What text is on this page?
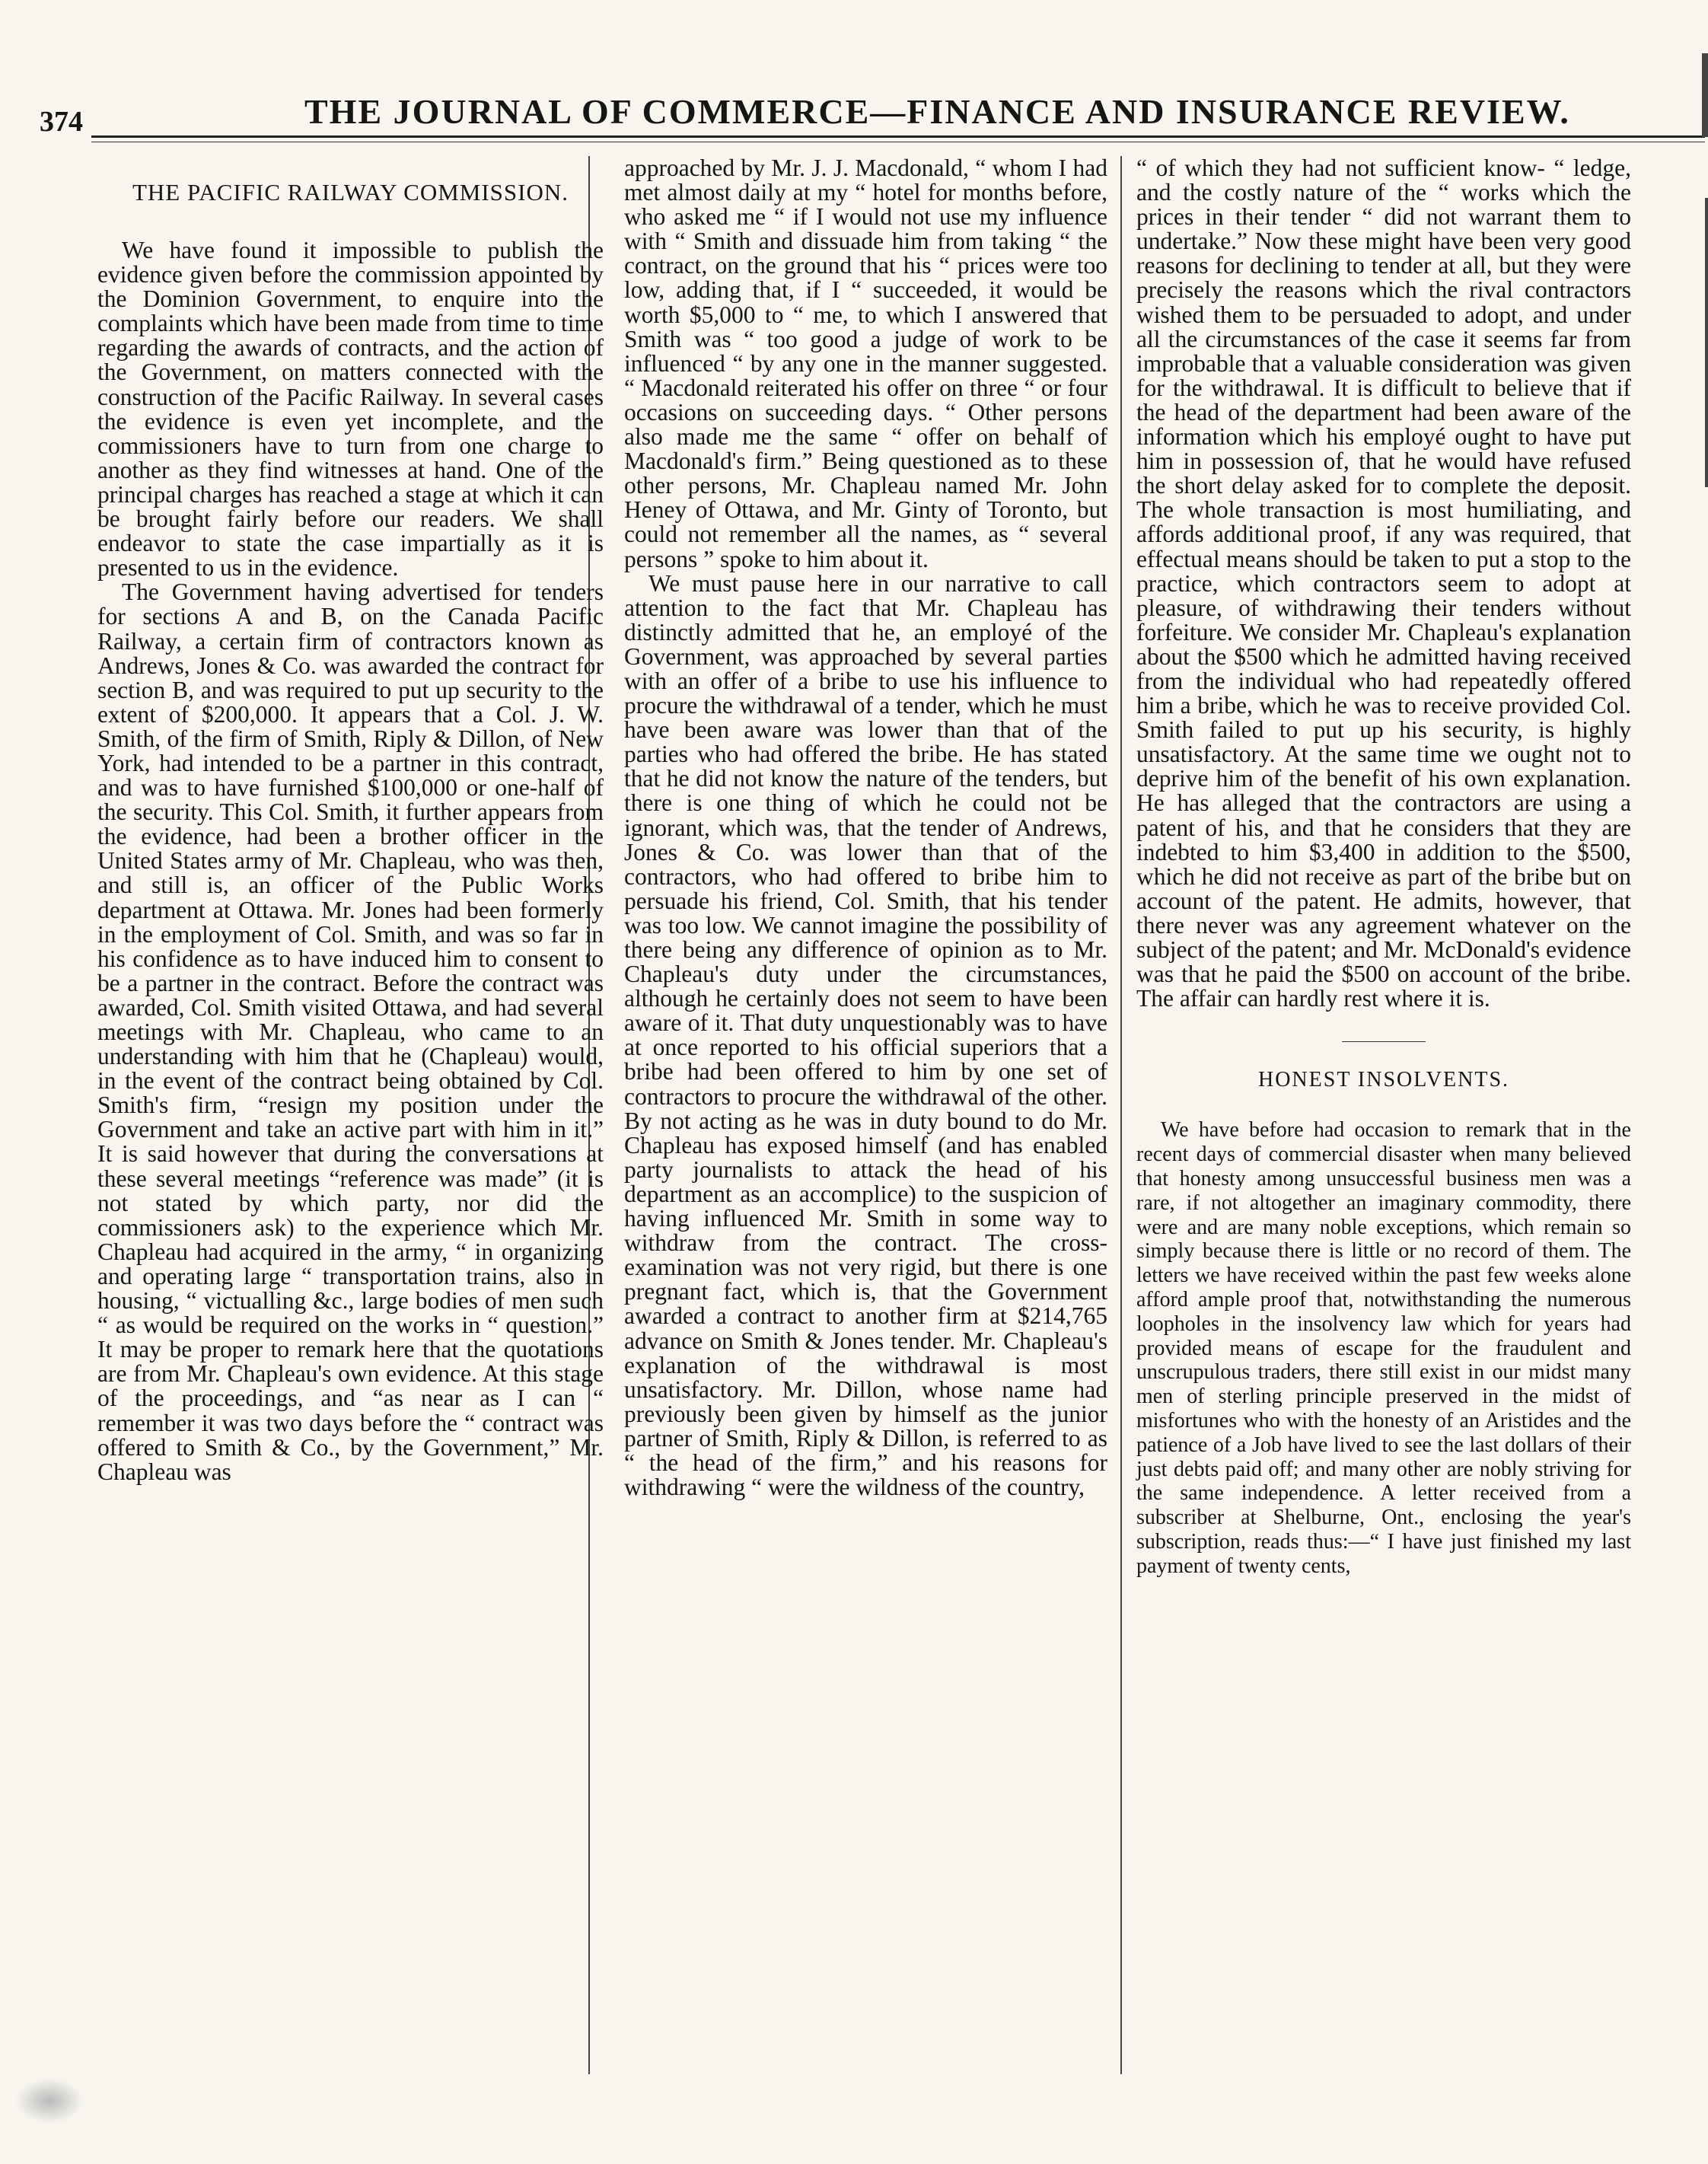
374	THE JOURNAL OF COMMERCE—FINANCE AND INSURANCE REVIEW.

THE PACIFIC RAILWAY COMMISSION.

We have found it impossible to publish the evidence given before the commission appointed by the Dominion Government, to enquire into the complaints which have been made from time to time regarding the awards of contracts, and the action of the Government, on matters connected with the construction of the Pacific Railway. In several cases the evidence is even yet incomplete, and the commissioners have to turn from one charge to another as they find witnesses at hand. One of the principal charges has reached a stage at which it can be brought fairly before our readers. We shall endeavor to state the case impartially as it is presented to us in the evidence.

The Government having advertised for tenders for sections A and B, on the Canada Pacific Railway, a certain firm of contractors known as Andrews, Jones & Co. was awarded the contract for section B, and was required to put up security to the extent of $200,000. It appears that a Col. J. W. Smith, of the firm of Smith, Riply & Dillon, of New York, had intended to be a partner in this contract, and was to have furnished $100,000 or one-half of the security. This Col. Smith, it further appears from the evidence, had been a brother officer in the United States army of Mr. Chapleau, who was then, and still is, an officer of the Public Works department at Ottawa. Mr. Jones had been formerly in the employment of Col. Smith, and was so far in his confidence as to have induced him to consent to be a partner in the contract. Before the contract was awarded, Col. Smith visited Ottawa, and had several meetings with Mr. Chapleau, who came to an understanding with him that he (Chapleau) would, in the event of the contract being obtained by Col. Smith's firm, “resign my position under the Government and take an active part with him in it.” It is said however that during the conversations at these several meetings “reference was made” (it is not stated by which party, nor did the commissioners ask) to the experience which Mr. Chapleau had acquired in the army, “ in organizing and operating large “ transportation trains, also in housing, “ victualling &c., large bodies of men such “ as would be required on the works in “ question.” It may be proper to remark here that the quotations are from Mr. Chapleau's own evidence. At this stage of the proceedings, and “as near as I can “ remember it was two days before the “ contract was offered to Smith & Co., by the Government,” Mr. Chapleau was

approached by Mr. J. J. Macdonald, “ whom I had met almost daily at my “ hotel for months before, who asked me “ if I would not use my influence with “ Smith and dissuade him from taking “ the contract, on the ground that his “ prices were too low, adding that, if I “ succeeded, it would be worth $5,000 to “ me, to which I answered that Smith was “ too good a judge of work to be influenced “ by any one in the manner suggested. “ Macdonald reiterated his offer on three “ or four occasions on succeeding days. “ Other persons also made me the same “ offer on behalf of Macdonald's firm.” Being questioned as to these other persons, Mr. Chapleau named Mr. John Heney of Ottawa, and Mr. Ginty of Toronto, but could not remember all the names, as “ several persons ” spoke to him about it.

We must pause here in our narrative to call attention to the fact that Mr. Chapleau has distinctly admitted that he, an employé of the Government, was approached by several parties with an offer of a bribe to use his influence to procure the withdrawal of a tender, which he must have been aware was lower than that of the parties who had offered the bribe. He has stated that he did not know the nature of the tenders, but there is one thing of which he could not be ignorant, which was, that the tender of Andrews, Jones & Co. was lower than that of the contractors, who had offered to bribe him to persuade his friend, Col. Smith, that his tender was too low. We cannot imagine the possibility of there being any difference of opinion as to Mr. Chapleau's duty under the circumstances, although he certainly does not seem to have been aware of it. That duty unquestionably was to have at once reported to his official superiors that a bribe had been offered to him by one set of contractors to procure the withdrawal of the other. By not acting as he was in duty bound to do Mr. Chapleau has exposed himself (and has enabled party journalists to attack the head of his department as an accomplice) to the suspicion of having influenced Mr. Smith in some way to withdraw from the contract. The cross-examination was not very rigid, but there is one pregnant fact, which is, that the Government awarded a contract to another firm at $214,765 advance on Smith & Jones tender. Mr. Chapleau's explanation of the withdrawal is most unsatisfactory. Mr. Dillon, whose name had previously been given by himself as the junior partner of Smith, Riply & Dillon, is referred to as “ the head of the firm,” and his reasons for withdrawing “ were the wildness of the country,

“ of which they had not sufficient know- “ ledge, and the costly nature of the “ works which the prices in their tender “ did not warrant them to undertake.” Now these might have been very good reasons for declining to tender at all, but they were precisely the reasons which the rival contractors wished them to be persuaded to adopt, and under all the circumstances of the case it seems far from improbable that a valuable consideration was given for the withdrawal. It is difficult to believe that if the head of the department had been aware of the information which his employé ought to have put him in possession of, that he would have refused the short delay asked for to complete the deposit. The whole transaction is most humiliating, and affords additional proof, if any was required, that effectual means should be taken to put a stop to the practice, which contractors seem to adopt at pleasure, of withdrawing their tenders without forfeiture. We consider Mr. Chapleau's explanation about the $500 which he admitted having received from the individual who had repeatedly offered him a bribe, which he was to receive provided Col. Smith failed to put up his security, is highly unsatisfactory. At the same time we ought not to deprive him of the benefit of his own explanation. He has alleged that the contractors are using a patent of his, and that he considers that they are indebted to him $3,400 in addition to the $500, which he did not receive as part of the bribe but on account of the patent. He admits, however, that there never was any agreement whatever on the subject of the patent; and Mr. McDonald's evidence was that he paid the $500 on account of the bribe. The affair can hardly rest where it is.

HONEST INSOLVENTS.

We have before had occasion to remark that in the recent days of commercial disaster when many believed that honesty among unsuccessful business men was a rare, if not altogether an imaginary commodity, there were and are many noble exceptions, which remain so simply because there is little or no record of them. The letters we have received within the past few weeks alone afford ample proof that, notwithstanding the numerous loopholes in the insolvency law which for years had provided means of escape for the fraudulent and unscrupulous traders, there still exist in our midst many men of sterling principle preserved in the midst of misfortunes who with the honesty of an Aristides and the patience of a Job have lived to see the last dollars of their just debts paid off; and many other are nobly striving for the same independence. A letter received from a subscriber at Shelburne, Ont., enclosing the year's subscription, reads thus:—“ I have just finished my last payment of twenty cents,
